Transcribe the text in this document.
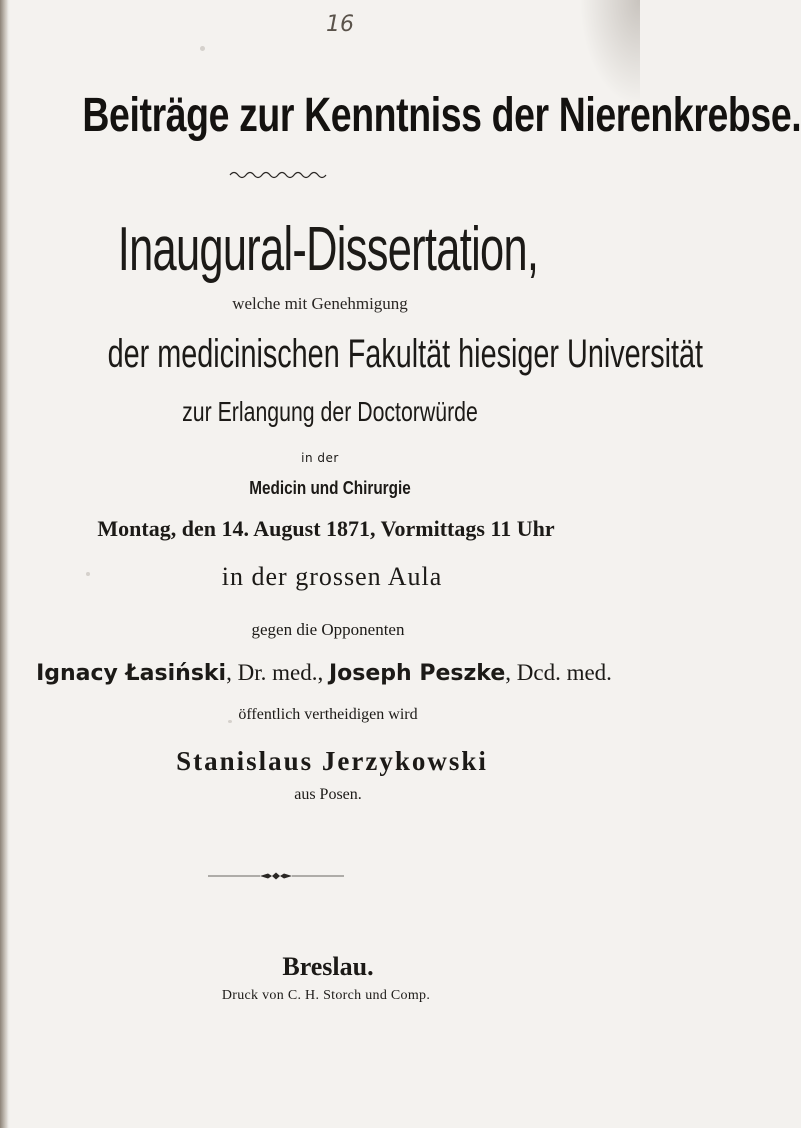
16
Beiträge zur Kenntniss der Nierenkrebse.
Inaugural-Dissertation,
welche mit Genehmigung
der medicinischen Fakultät hiesiger Universität
zur Erlangung der Doctorwürde
in der
Medicin und Chirurgie
Montag, den 14. August 1871, Vormittags 11 Uhr
in der grossen Aula
gegen die Opponenten
Ignacy Łasiński, Dr. med., Joseph Peszke, Dcd. med.
öffentlich vertheidigen wird
Stanislaus Jerzykowski
aus Posen.
Breslau.
Druck von C. H. Storch und Comp.
